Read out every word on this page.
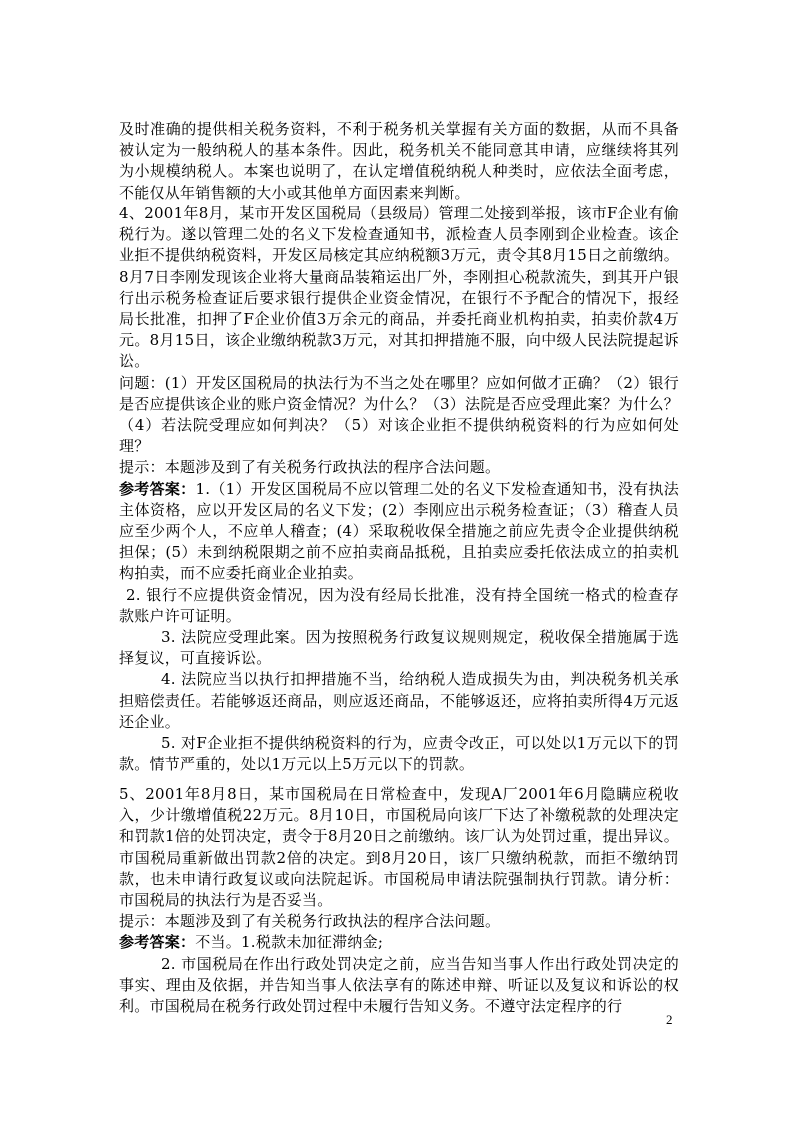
及时准确的提供相关税务资料，不利于税务机关掌握有关方面的数据，从而不具备被认定为一般纳税人的基本条件。因此，税务机关不能同意其申请，应继续将其列为小规模纳税人。本案也说明了，在认定增值税纳税人种类时，应依法全面考虑，不能仅从年销售额的大小或其他单方面因素来判断。

4、2001年8月，某市开发区国税局（县级局）管理二处接到举报，该市F企业有偷税行为。遂以管理二处的名义下发检查通知书，派检查人员李刚到企业检查。该企业拒不提供纳税资料，开发区局核定其应纳税额3万元，责令其8月15日之前缴纳。8月7日李刚发现该企业将大量商品装箱运出厂外，李刚担心税款流失，到其开户银行出示税务检查证后要求银行提供企业资金情况，在银行不予配合的情况下，报经局长批准，扣押了F企业价值3万余元的商品，并委托商业机构拍卖，拍卖价款4万元。8月15日，该企业缴纳税款3万元，对其扣押措施不服，向中级人民法院提起诉讼。

问题：(1）开发区国税局的执法行为不当之处在哪里？应如何做才正确？（2）银行是否应提供该企业的账户资金情况？为什么？（3）法院是否应受理此案？为什么？（4）若法院受理应如何判决？（5）对该企业拒不提供纳税资料的行为应如何处理？

提示：本题涉及到了有关税务行政执法的程序合法问题。

参考答案：1.（1）开发区国税局不应以管理二处的名义下发检查通知书，没有执法主体资格，应以开发区局的名义下发；(2）李刚应出示税务检查证；（3）稽查人员应至少两个人，不应单人稽查；(4）采取税收保全措施之前应先责令企业提供纳税担保；(5）未到纳税限期之前不应拍卖商品抵税，且拍卖应委托依法成立的拍卖机构拍卖，而不应委托商业企业拍卖。

2. 银行不应提供资金情况，因为没有经局长批准，没有持全国统一格式的检查存款账户许可证明。

3. 法院应受理此案。因为按照税务行政复议规则规定，税收保全措施属于选择复议，可直接诉讼。

4. 法院应当以执行扣押措施不当，给纳税人造成损失为由，判决税务机关承担赔偿责任。若能够返还商品，则应返还商品，不能够返还，应将拍卖所得4万元返还企业。

5. 对F企业拒不提供纳税资料的行为，应责令改正，可以处以1万元以下的罚款。情节严重的，处以1万元以上5万元以下的罚款。

5、2001年8月8日，某市国税局在日常检查中，发现A厂2001年6月隐瞒应税收入，少计缴增值税22万元。8月10日，市国税局向该厂下达了补缴税款的处理决定和罚款1倍的处罚决定，责令于8月20日之前缴纳。该厂认为处罚过重，提出异议。市国税局重新做出罚款2倍的决定。到8月20日，该厂只缴纳税款，而拒不缴纳罚款，也未申请行政复议或向法院起诉。市国税局申请法院强制执行罚款。请分析：市国税局的执法行为是否妥当。

提示：本题涉及到了有关税务行政执法的程序合法问题。

参考答案：不当。1.税款未加征滞纳金;

2. 市国税局在作出行政处罚决定之前，应当告知当事人作出行政处罚决定的事实、理由及依据，并告知当事人依法享有的陈述申辩、听证以及复议和诉讼的权利。市国税局在税务行政处罚过程中未履行告知义务。不遵守法定程序的行

2
